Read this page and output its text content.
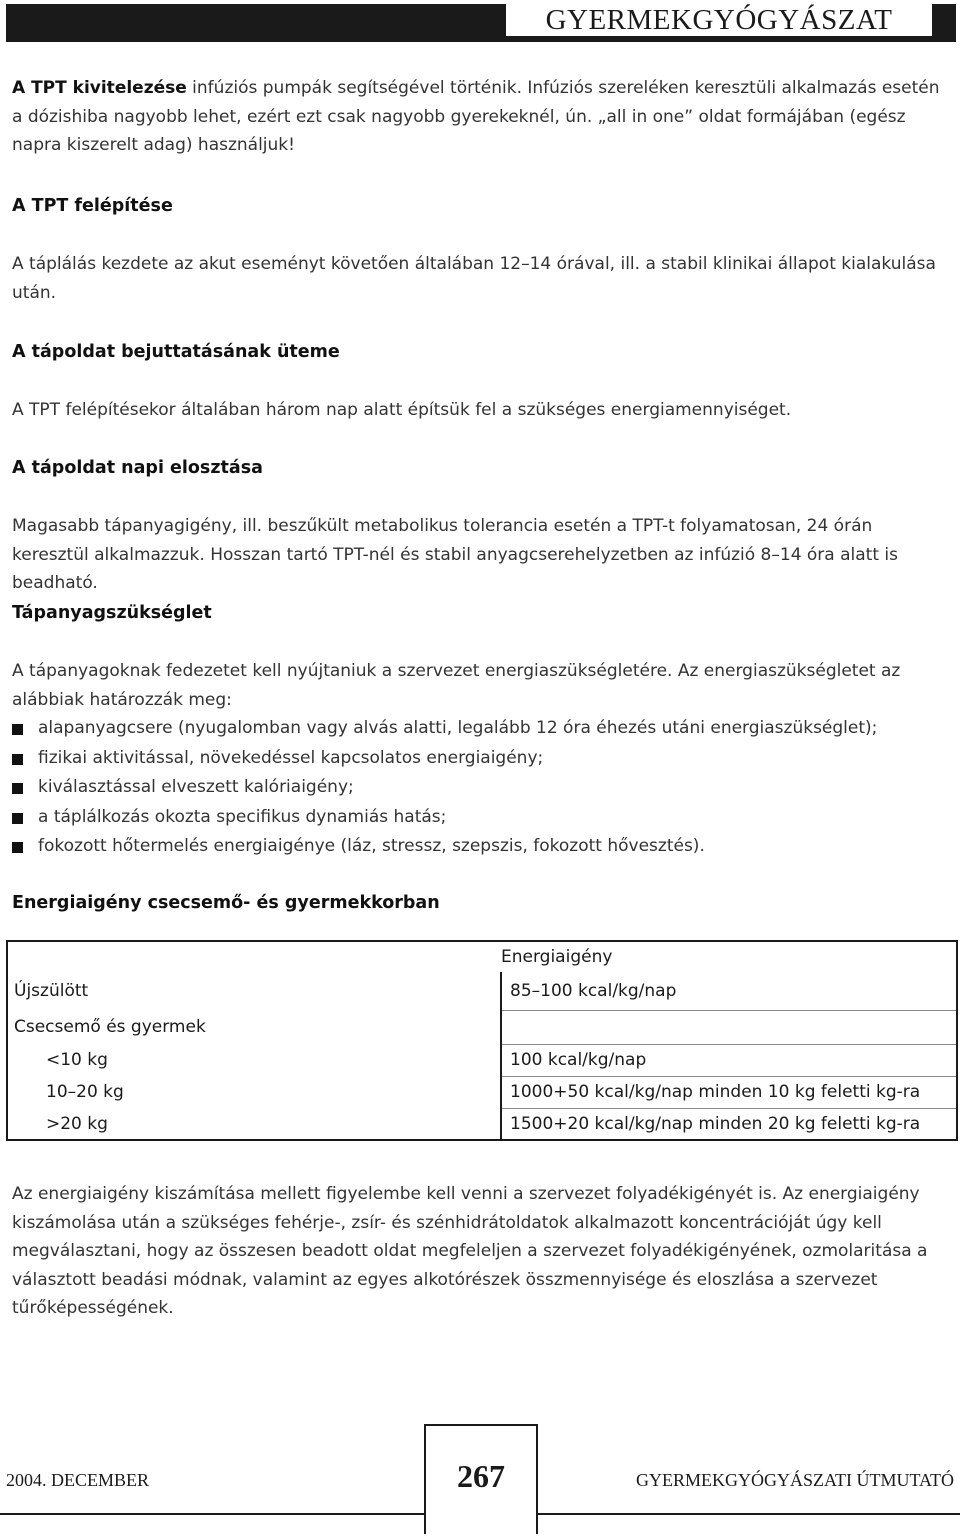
GYERMEKGYÓGYÁSZAT

A TPT kivitelezése infúziós pumpák segítségével történik. Infúziós szereléken keresztüli alkalmazás esetén a dózishiba nagyobb lehet, ezért ezt csak nagyobb gyerekeknél, ún. „all in one” oldat formájában (egész napra kiszerelt adag) használjuk!

A TPT felépítése

A táplálás kezdete az akut eseményt követően általában 12–14 órával, ill. a stabil klinikai állapot kialakulása után.

A tápoldat bejuttatásának üteme

A TPT felépítésekor általában három nap alatt építsük fel a szükséges energiamennyiséget.

A tápoldat napi elosztása

Magasabb tápanyagigény, ill. beszűkült metabolikus tolerancia esetén a TPT-t folyamatosan, 24 órán keresztül alkalmazzuk. Hosszan tartó TPT-nél és stabil anyagcserehelyzetben az infúzió 8–14 óra alatt is beadható.

Tápanyagszükséglet

A tápanyagoknak fedezetet kell nyújtaniuk a szervezet energiaszükségletére. Az energiaszükségletet az alábbiak határozzák meg:

alapanyagcsere (nyugalomban vagy alvás alatti, legalább 12 óra éhezés utáni energiaszükséglet);
fizikai aktivitással, növekedéssel kapcsolatos energiaigény;
kiválasztással elveszett kalóriaigény;
a táplálkozás okozta specifikus dynamiás hatás;
fokozott hőtermelés energiaigénye (láz, stressz, szepszis, fokozott hővesztés).

Energiaigény csecsemő- és gyermekkorban

	Energiaigény
Újszülött	85–100 kcal/kg/nap
Csecsemő és gyermek	
<10 kg	100 kcal/kg/nap
10–20 kg	1000+50 kcal/kg/nap minden 10 kg feletti kg-ra
>20 kg	1500+20 kcal/kg/nap minden 20 kg feletti kg-ra

Az energiaigény kiszámítása mellett figyelembe kell venni a szervezet folyadékigényét is. Az energiaigény kiszámolása után a szükséges fehérje-, zsír- és szénhidrátoldatok alkalmazott koncentrációját úgy kell megválasztani, hogy az összesen beadott oldat megfeleljen a szervezet folyadékigényének, ozmolaritása a választott beadási módnak, valamint az egyes alkotórészek összmennyisége és eloszlása a szervezet tűrőképességének.

267
2004. DECEMBER	GYERMEKGYÓGYÁSZATI ÚTMUTATÓ
